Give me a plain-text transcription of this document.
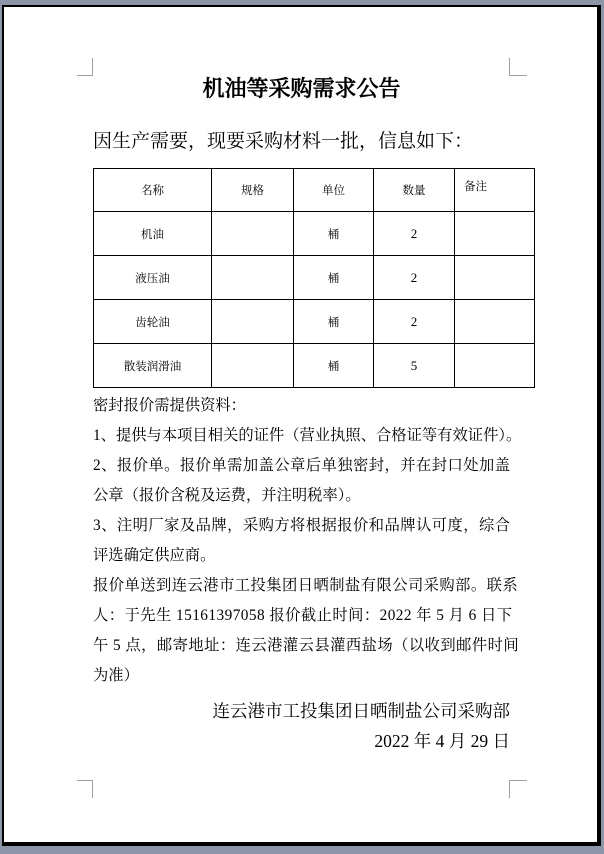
机油等采购需求公告

因生产需要，现要采购材料一批，信息如下：

名称	规格	单位	数量	备注
机油		桶	2	
液压油		桶	2	
齿轮油		桶	2	
散装润滑油		桶	5	
密封报价需提供资料：
1、提供与本项目相关的证件（营业执照、合格证等有效证件）。
2、报价单。报价单需加盖公章后单独密封，并在封口处加盖
公章（报价含税及运费，并注明税率）。
3、注明厂家及品牌，采购方将根据报价和品牌认可度，综合
评选确定供应商。
报价单送到连云港市工投集团日晒制盐有限公司采购部。联系
人：于先生 15161397058 报价截止时间：2022 年 5 月 6 日下
午 5 点，邮寄地址：连云港灌云县灌西盐场（以收到邮件时间
为准）
连云港市工投集团日晒制盐公司采购部
2022 年 4 月 29 日
